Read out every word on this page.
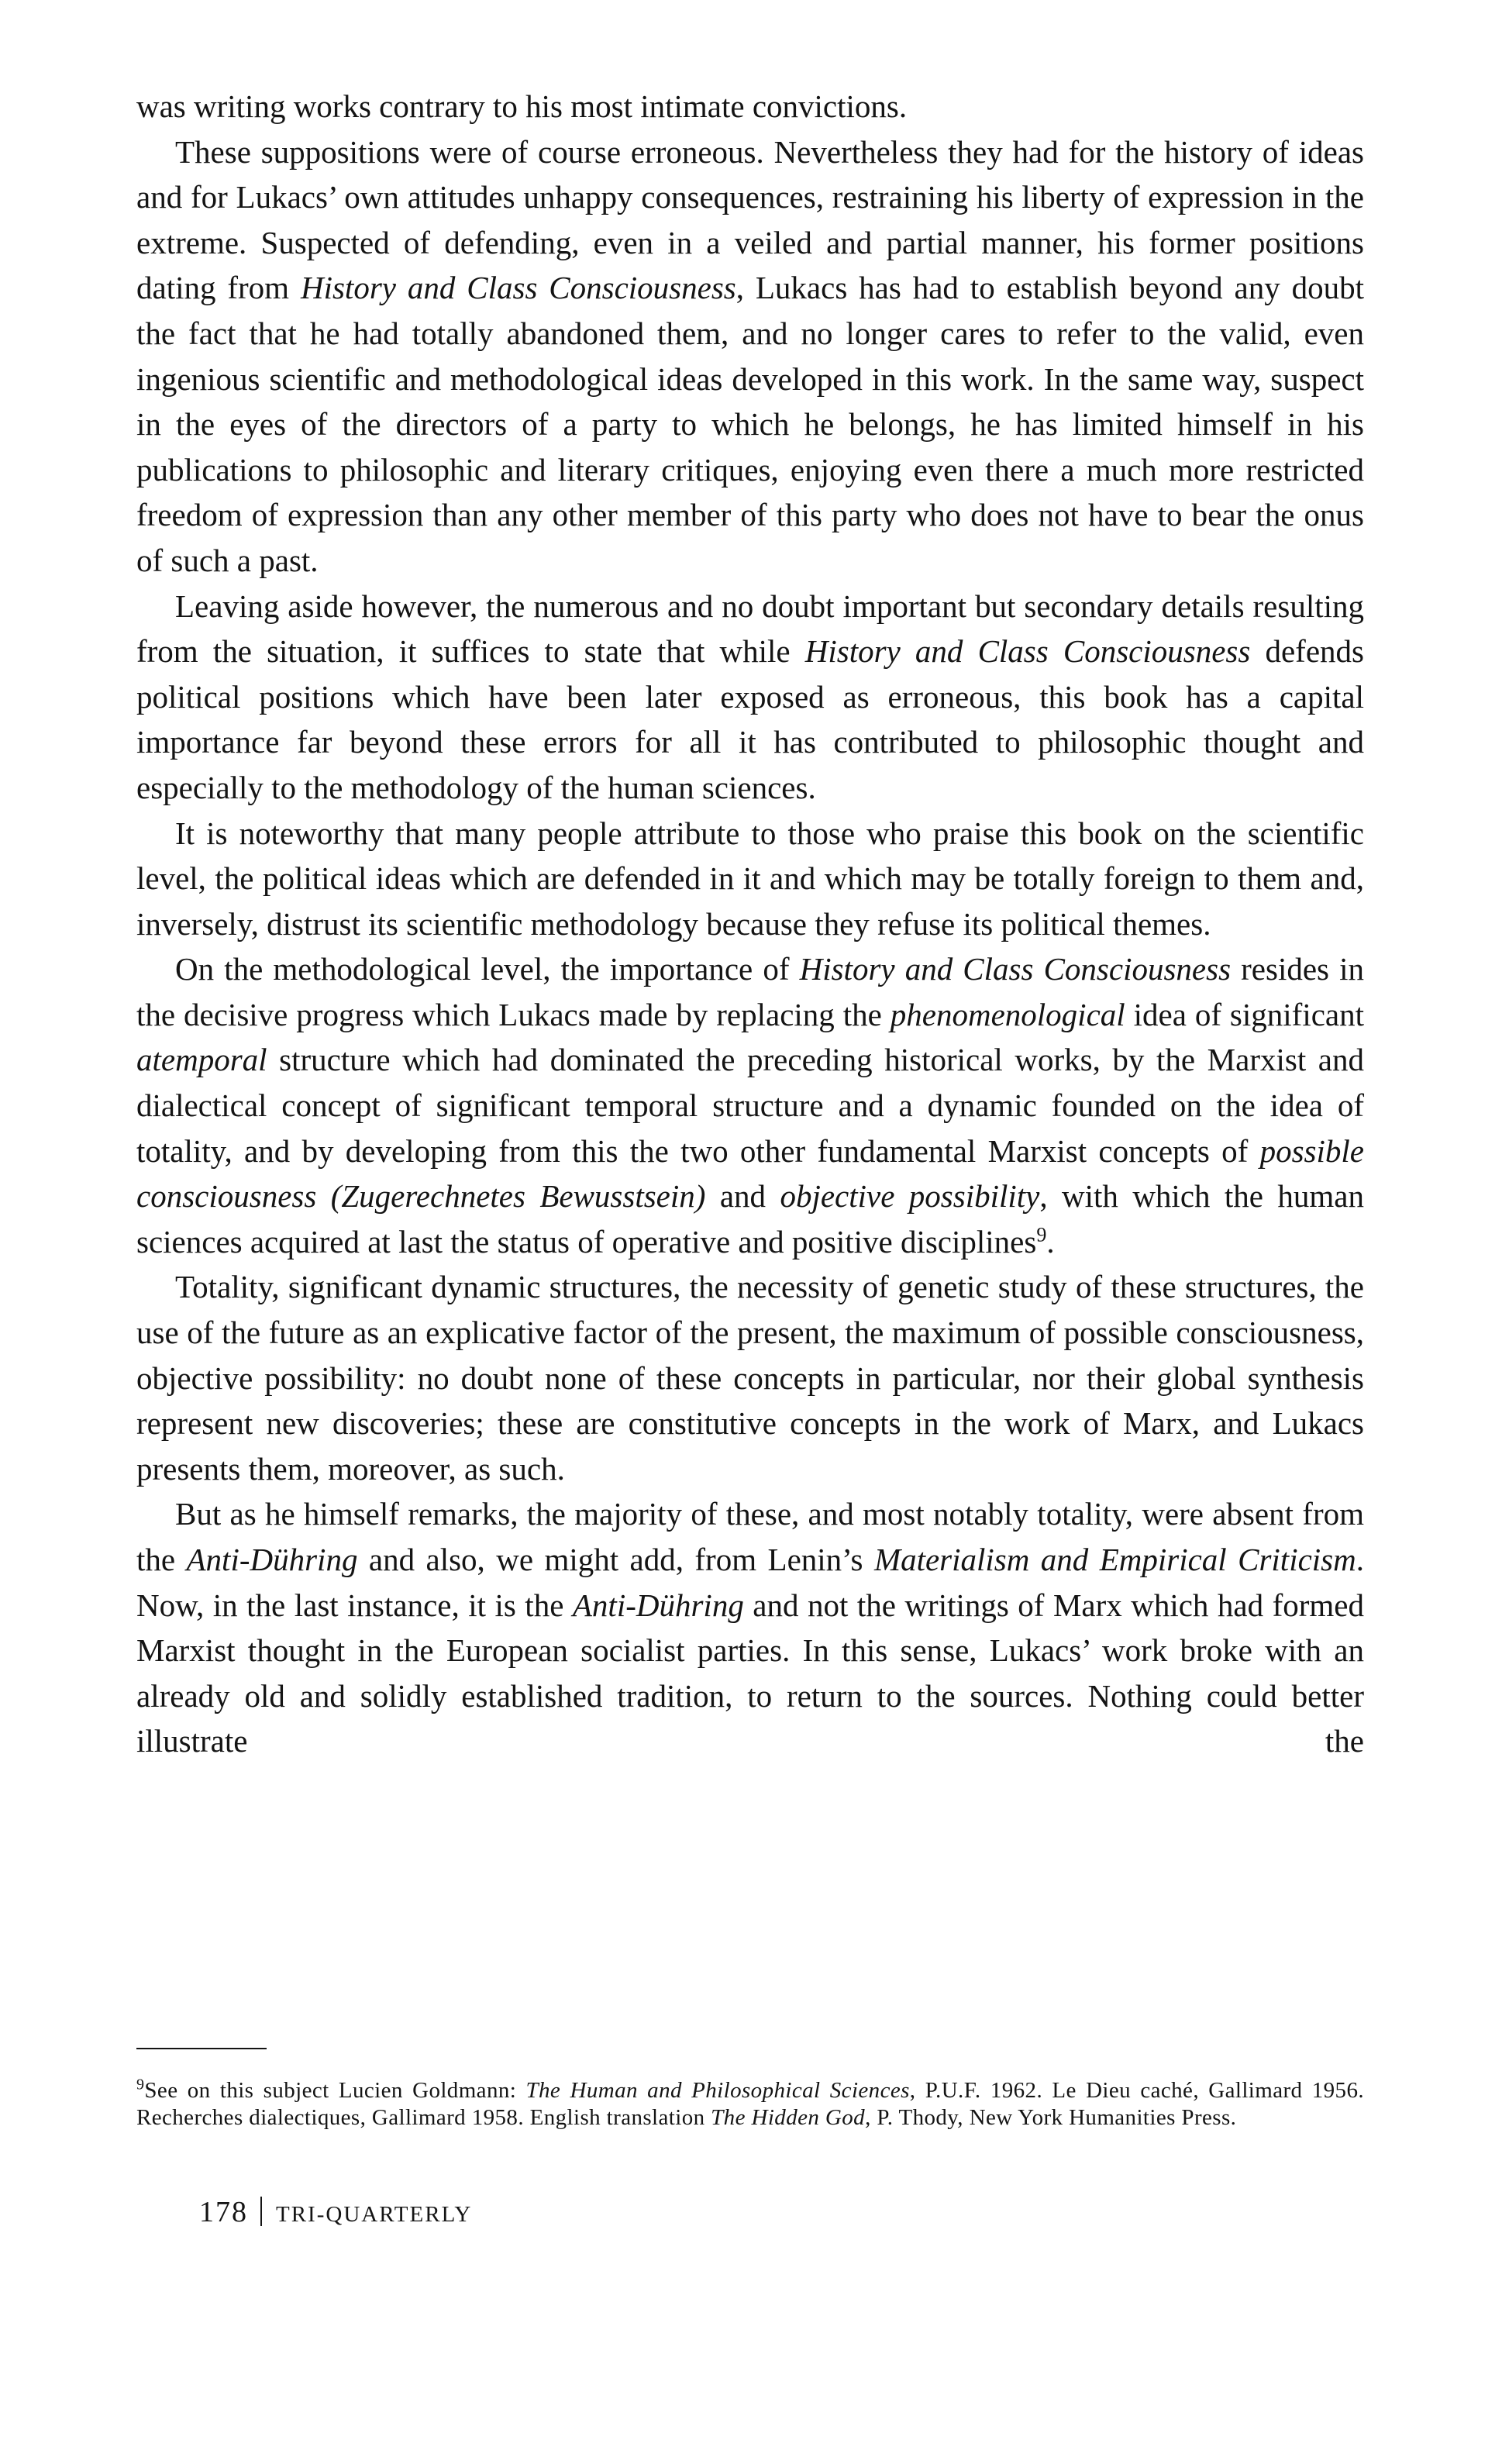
was writing works contrary to his most intimate convictions.

These suppositions were of course erroneous. Nevertheless they had for the history of ideas and for Lukacs’ own attitudes unhappy consequences, restraining his liberty of expression in the extreme. Suspected of defending, even in a veiled and partial manner, his former positions dating from History and Class Consciousness, Lukacs has had to establish beyond any doubt the fact that he had totally abandoned them, and no longer cares to refer to the valid, even ingenious scientific and methodological ideas developed in this work. In the same way, suspect in the eyes of the directors of a party to which he belongs, he has limited himself in his publications to philosophic and literary critiques, enjoying even there a much more restricted freedom of expression than any other member of this party who does not have to bear the onus of such a past.

Leaving aside however, the numerous and no doubt important but secondary details resulting from the situation, it suffices to state that while History and Class Consciousness defends political positions which have been later exposed as erroneous, this book has a capital importance far beyond these errors for all it has contributed to philosophic thought and especially to the methodology of the human sciences.

It is noteworthy that many people attribute to those who praise this book on the scientific level, the political ideas which are defended in it and which may be totally foreign to them and, inversely, distrust its scientific methodology because they refuse its political themes.

On the methodological level, the importance of History and Class Consciousness resides in the decisive progress which Lukacs made by replacing the phenomenological idea of significant atemporal structure which had dominated the preceding historical works, by the Marxist and dialectical concept of significant temporal structure and a dynamic founded on the idea of totality, and by developing from this the two other fundamental Marxist concepts of possible consciousness (Zugerechnetes Bewusstsein) and objective possibility, with which the human sciences acquired at last the status of operative and positive disciplines$^9$.

Totality, significant dynamic structures, the necessity of genetic study of these structures, the use of the future as an explicative factor of the present, the maximum of possible consciousness, objective possibility: no doubt none of these concepts in particular, nor their global synthesis represent new discoveries; these are constitutive concepts in the work of Marx, and Lukacs presents them, moreover, as such.

But as he himself remarks, the majority of these, and most notably totality, were absent from the Anti-Dühring and also, we might add, from Lenin’s Materialism and Empirical Criticism. Now, in the last instance, it is the Anti-Dühring and not the writings of Marx which had formed Marxist thought in the European socialist parties. In this sense, Lukacs’ work broke with an already old and solidly established tradition, to return to the sources. Nothing could better illustrate the

$^9$See on this subject Lucien Goldmann: The Human and Philosophical Sciences, P.U.F. 1962. Le Dieu caché, Gallimard 1956. Recherches dialectiques, Gallimard 1958. English translation The Hidden God, P. Thody, New York Humanities Press.
178 TRI-QUARTERLY
